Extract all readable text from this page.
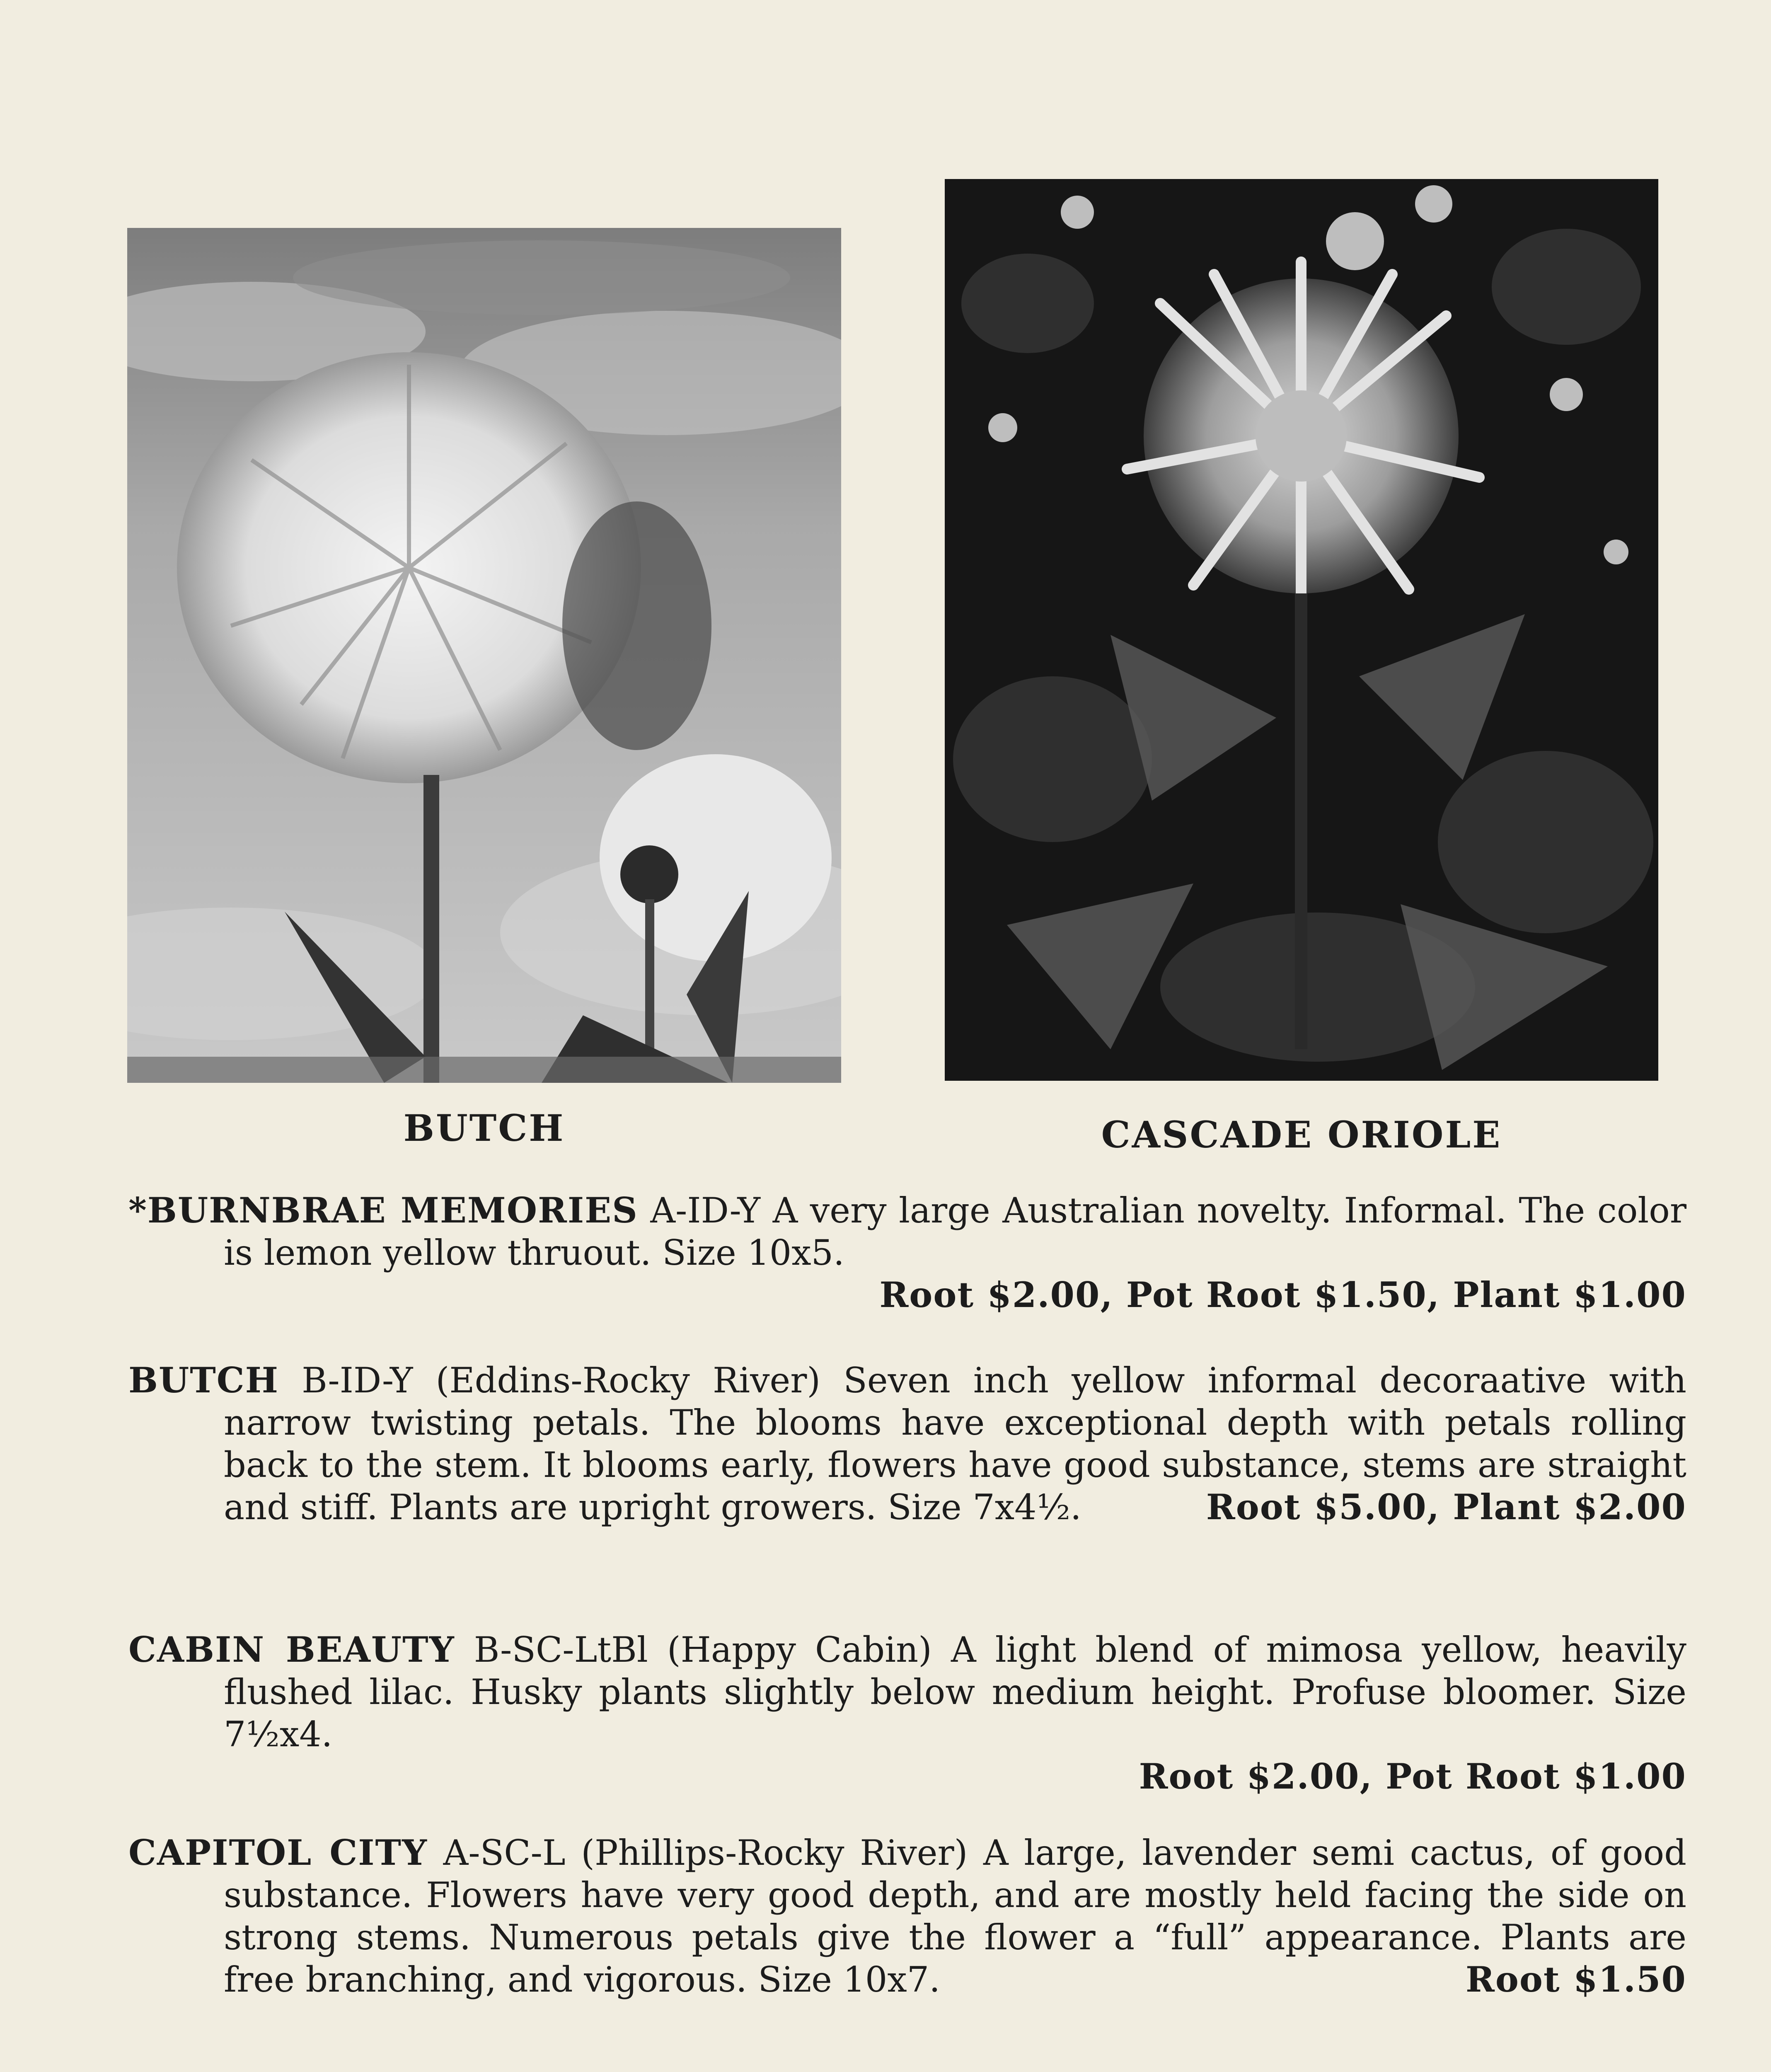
BUTCH	CASCADE ORIOLE

*BURNBRAE MEMORIES A-ID-Y A very large Australian novelty. Informal. The color is lemon yellow thruout. Size 10x5.

Root $2.00, Pot Root $1.50, Plant $1.00

BUTCH B-ID-Y (Eddins-Rocky River) Seven inch yellow informal decoraative with narrow twisting petals. The blooms have exceptional depth with petals rolling back to the stem. It blooms early, flowers have good substance, stems are straight and stiff. Plants are upright growers. Size 7x4½.	Root $5.00, Plant $2.00

CABIN BEAUTY B-SC-LtBl (Happy Cabin) A light blend of mimosa yellow, heavily flushed lilac. Husky plants slightly below medium height. Profuse bloomer. Size 7½x4.

Root $2.00, Pot Root $1.00

CAPITOL CITY A-SC-L (Phillips-Rocky River) A large, lavender semi cactus, of good substance. Flowers have very good depth, and are mostly held facing the side on strong stems. Numerous petals give the flower a “full” appearance. Plants are free branching, and vigorous. Size 10x7.	Root $1.50
